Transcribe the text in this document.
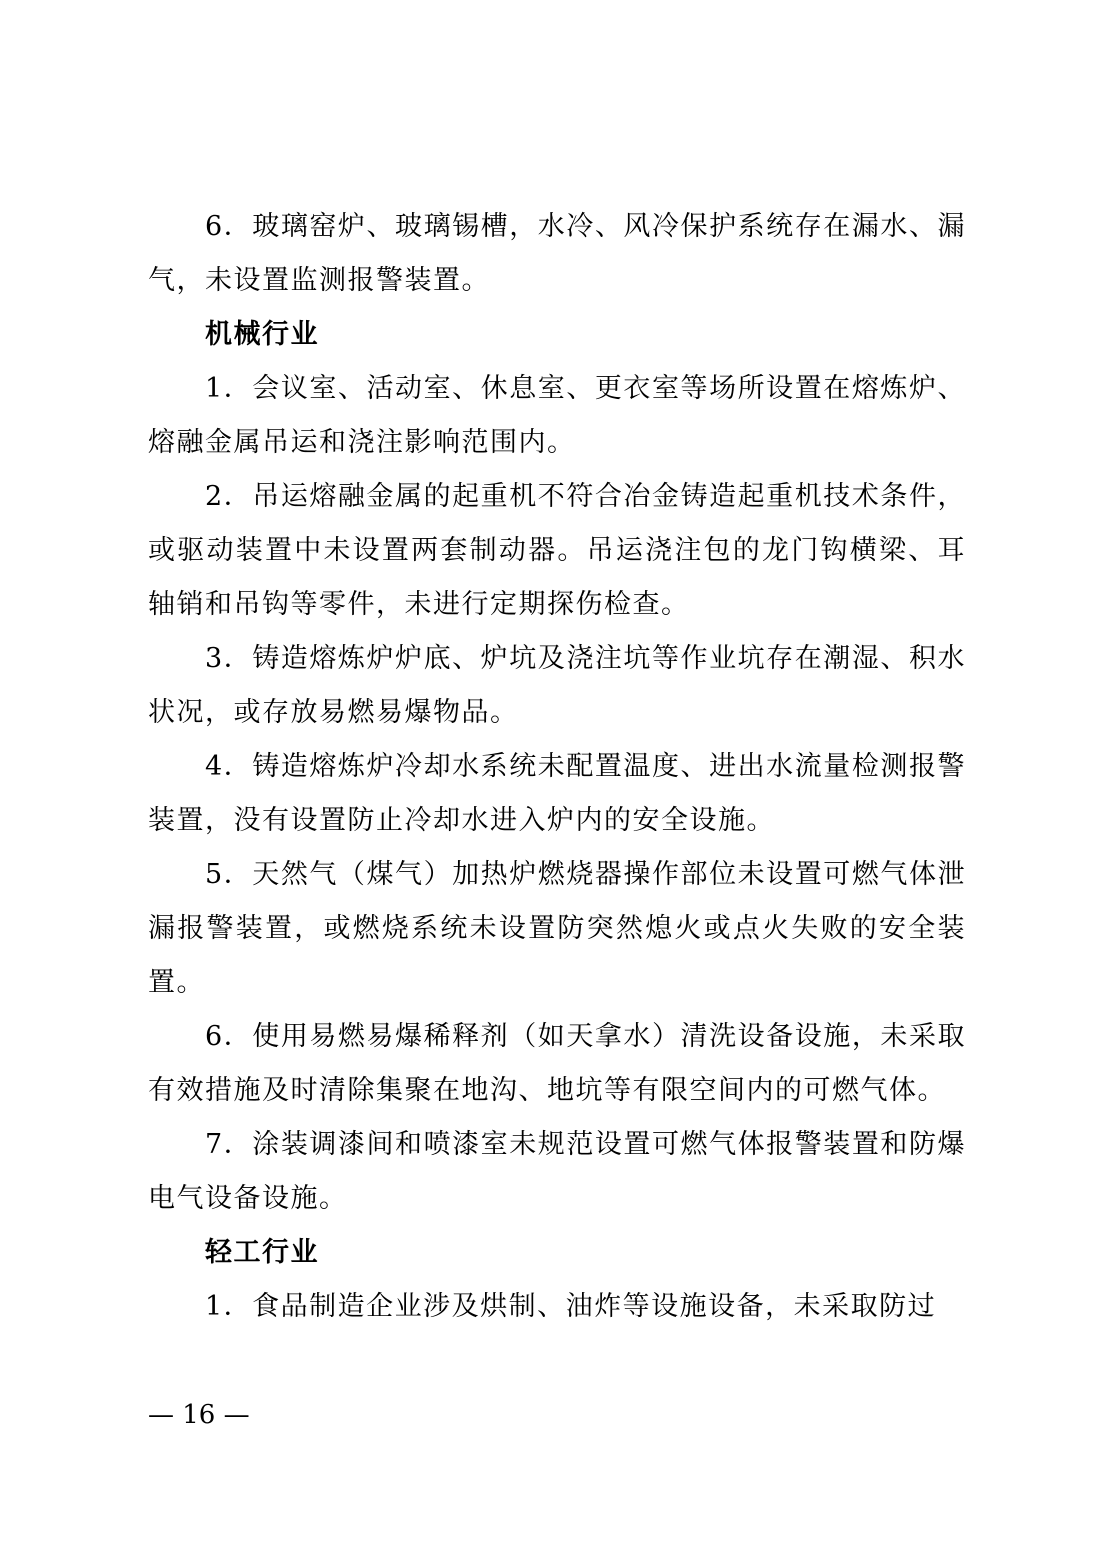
6．玻璃窑炉、玻璃锡槽，水冷、风冷保护系统存在漏水、漏气，未设置监测报警装置。

机械行业

1．会议室、活动室、休息室、更衣室等场所设置在熔炼炉、熔融金属吊运和浇注影响范围内。

2．吊运熔融金属的起重机不符合冶金铸造起重机技术条件，或驱动装置中未设置两套制动器。吊运浇注包的龙门钩横梁、耳轴销和吊钩等零件，未进行定期探伤检查。

3．铸造熔炼炉炉底、炉坑及浇注坑等作业坑存在潮湿、积水状况，或存放易燃易爆物品。

4．铸造熔炼炉冷却水系统未配置温度、进出水流量检测报警装置，没有设置防止冷却水进入炉内的安全设施。

5．天然气（煤气）加热炉燃烧器操作部位未设置可燃气体泄漏报警装置，或燃烧系统未设置防突然熄火或点火失败的安全装置。

6．使用易燃易爆稀释剂（如天拿水）清洗设备设施，未采取有效措施及时清除集聚在地沟、地坑等有限空间内的可燃气体。

7．涂装调漆间和喷漆室未规范设置可燃气体报警装置和防爆电气设备设施。

轻工行业

1．食品制造企业涉及烘制、油炸等设施设备，未采取防过

— 16 —
